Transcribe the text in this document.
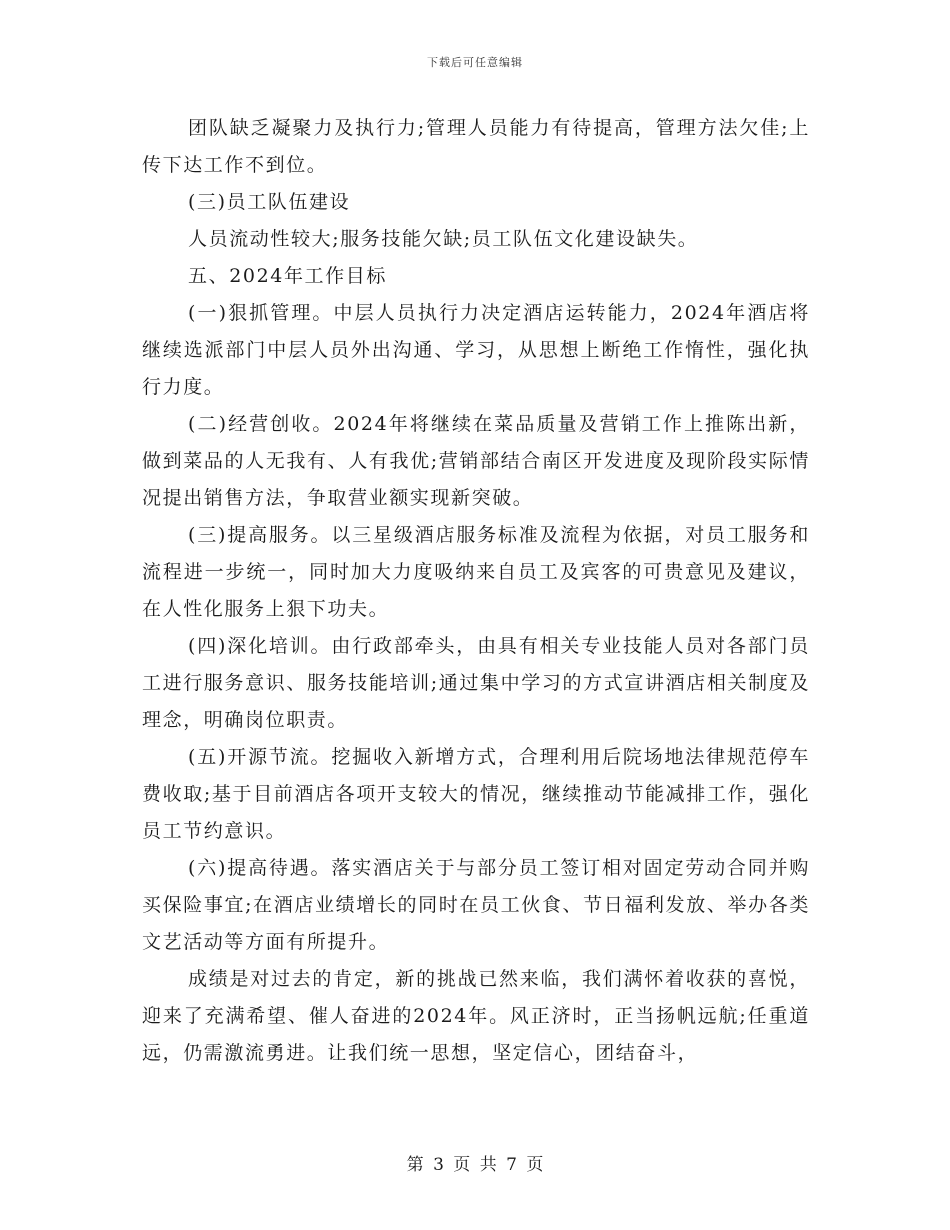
下载后可任意编辑

团队缺乏凝聚力及执行力;管理人员能力有待提高，管理方法欠佳;上传下达工作不到位。

(三)员工队伍建设

人员流动性较大;服务技能欠缺;员工队伍文化建设缺失。

五、2024年工作目标

(一)狠抓管理。中层人员执行力决定酒店运转能力，2024年酒店将继续选派部门中层人员外出沟通、学习，从思想上断绝工作惰性，强化执行力度。

(二)经营创收。2024年将继续在菜品质量及营销工作上推陈出新，做到菜品的人无我有、人有我优;营销部结合南区开发进度及现阶段实际情况提出销售方法，争取营业额实现新突破。

(三)提高服务。以三星级酒店服务标准及流程为依据，对员工服务和流程进一步统一，同时加大力度吸纳来自员工及宾客的可贵意见及建议，在人性化服务上狠下功夫。

(四)深化培训。由行政部牵头，由具有相关专业技能人员对各部门员工进行服务意识、服务技能培训;通过集中学习的方式宣讲酒店相关制度及理念，明确岗位职责。

(五)开源节流。挖掘收入新增方式，合理利用后院场地法律规范停车费收取;基于目前酒店各项开支较大的情况，继续推动节能减排工作，强化员工节约意识。

(六)提高待遇。落实酒店关于与部分员工签订相对固定劳动合同并购买保险事宜;在酒店业绩增长的同时在员工伙食、节日福利发放、举办各类文艺活动等方面有所提升。

成绩是对过去的肯定，新的挑战已然来临，我们满怀着收获的喜悦，迎来了充满希望、催人奋进的2024年。风正济时，正当扬帆远航;任重道远，仍需激流勇进。让我们统一思想，坚定信心，团结奋斗，

第 3 页 共 7 页
